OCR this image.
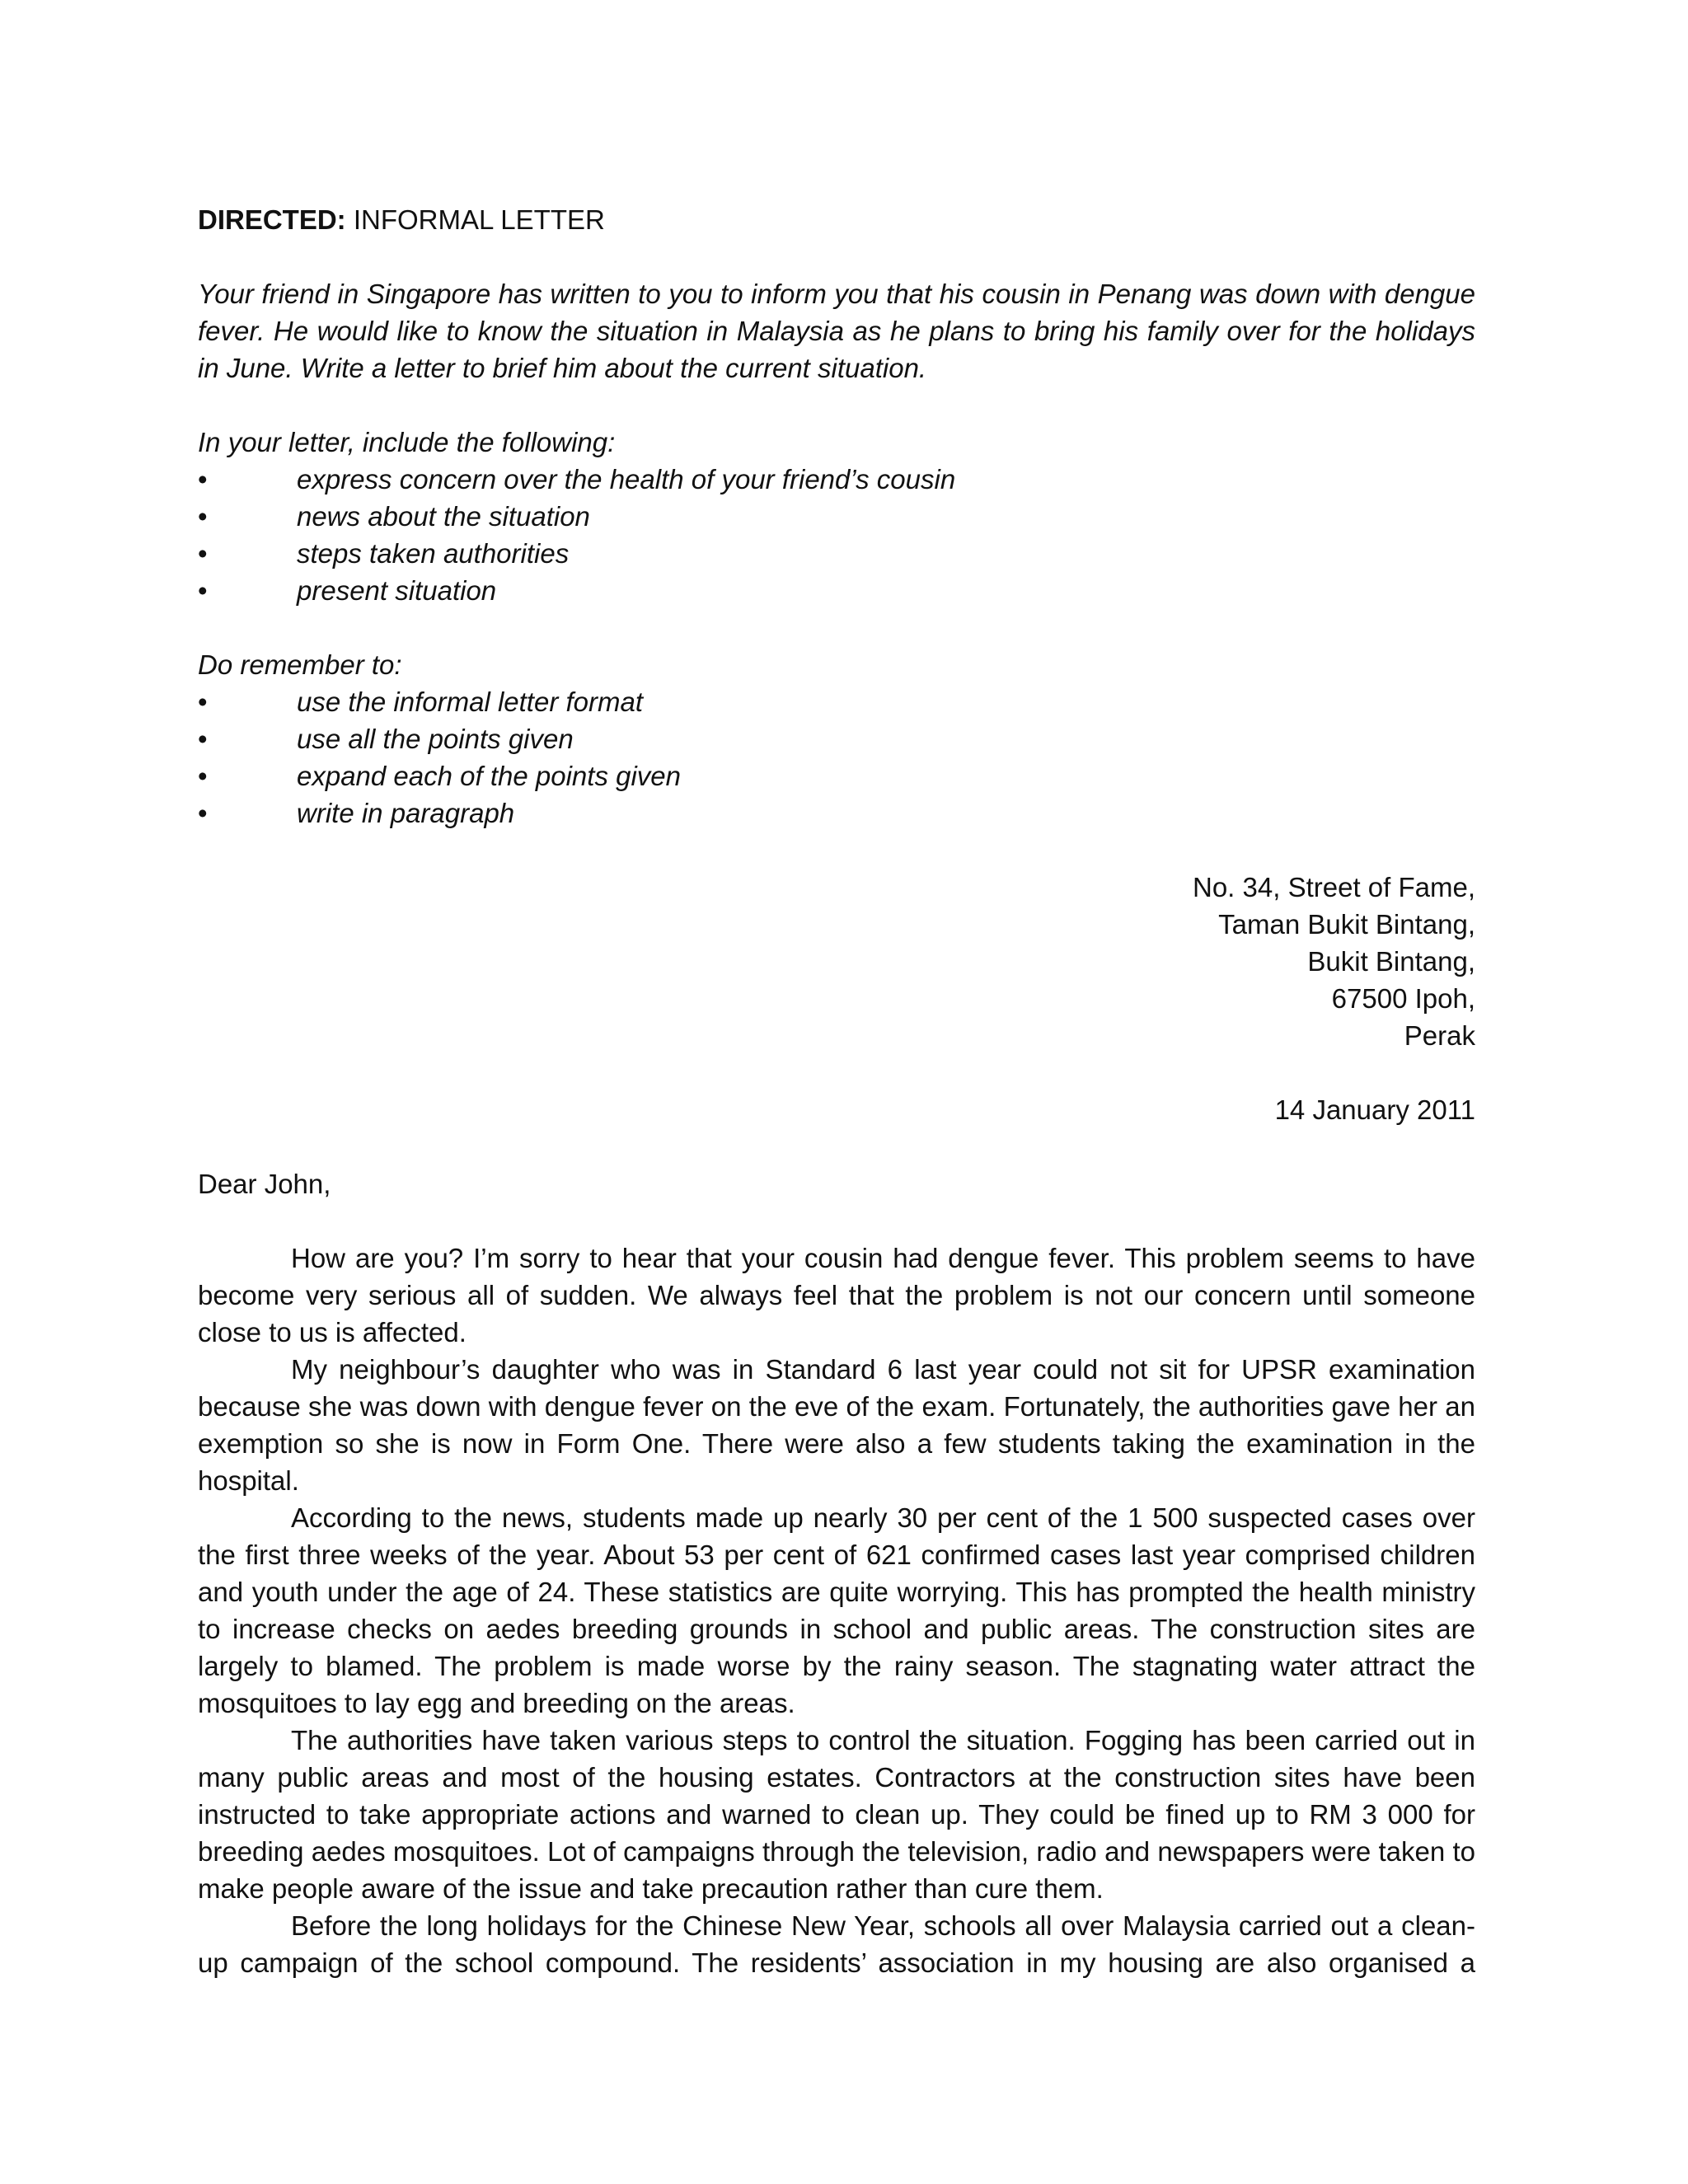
DIRECTED: INFORMAL LETTER

Your friend in Singapore has written to you to inform you that his cousin in Penang was down with dengue fever. He would like to know the situation in Malaysia as he plans to bring his family over for the holidays in June. Write a letter to brief him about the current situation.

In your letter, include the following:

•	express concern over the health of your friend’s cousin
•	news about the situation
•	steps taken authorities
•	present situation

Do remember to:

•	use the informal letter format
•	use all the points given
•	expand each of the points given
•	write in paragraph
No. 34, Street of Fame,
Taman Bukit Bintang,
Bukit Bintang,
67500 Ipoh,
Perak
14 January 2011

Dear John,

How are you? I’m sorry to hear that your cousin had dengue fever. This problem seems to have become very serious all of sudden. We always feel that the problem is not our concern until someone close to us is affected.

My neighbour’s daughter who was in Standard 6 last year could not sit for UPSR examination because she was down with dengue fever on the eve of the exam. Fortunately, the authorities gave her an exemption so she is now in Form One. There were also a few students taking the examination in the hospital.

According to the news, students made up nearly 30 per cent of the 1 500 suspected cases over the first three weeks of the year. About 53 per cent of 621 confirmed cases last year comprised children and youth under the age of 24. These statistics are quite worrying. This has prompted the health ministry to increase checks on aedes breeding grounds in school and public areas. The construction sites are largely to blamed. The problem is made worse by the rainy season. The stagnating water attract the mosquitoes to lay egg and breeding on the areas.

The authorities have taken various steps to control the situation. Fogging has been carried out in many public areas and most of the housing estates. Contractors at the construction sites have been instructed to take appropriate actions and warned to clean up. They could be fined up to RM 3 000 for breeding aedes mosquitoes. Lot of campaigns through the television, radio and newspapers were taken to make people aware of the issue and take precaution rather than cure them.

Before the long holidays for the Chinese New Year, schools all over Malaysia carried out a clean-up campaign of the school compound. The residents’ association in my housing are also organised a
